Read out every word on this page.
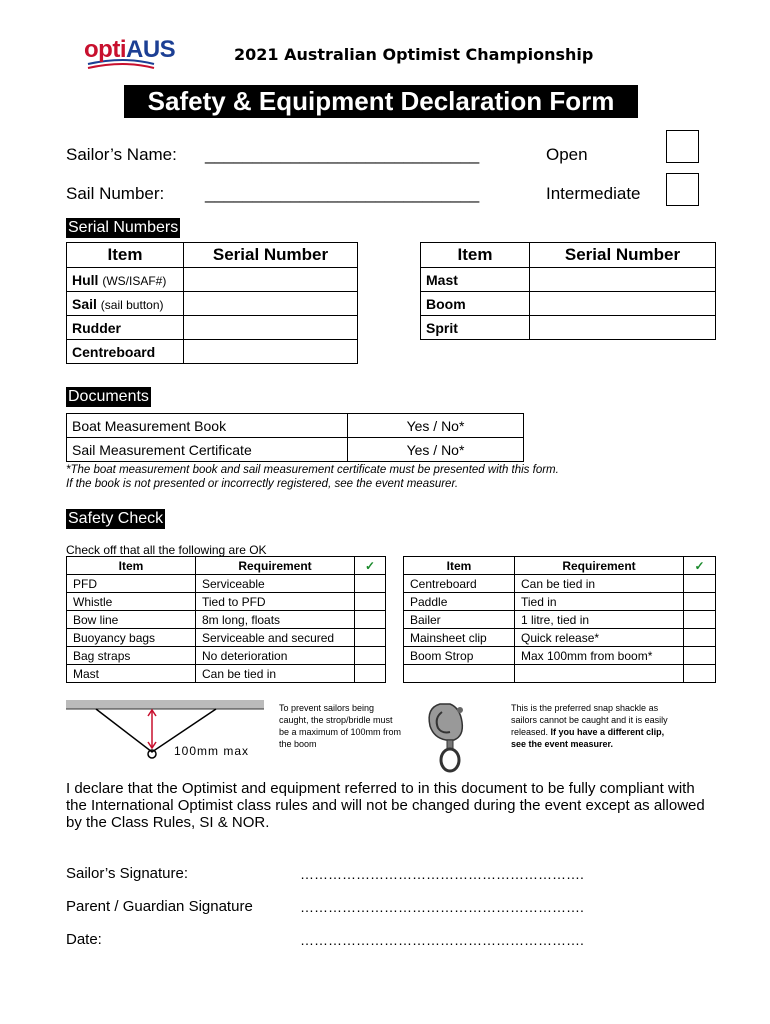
optiAUS	2021 Australian Optimist Championship
Safety & Equipment Declaration Form
Sailor’s Name: _____________________________
Sail Number: _____________________________
Open
Intermediate
Serial Numbers
Item	Serial Number
Hull (WS/ISAF#)	
Sail (sail button)	
Rudder	
Centreboard	
Item	Serial Number
Mast	
Boom	
Sprit	
Documents
Boat Measurement Book	Yes / No*
Sail Measurement Certificate	Yes / No*
*The boat measurement book and sail measurement certificate must be presented with this form.
If the book is not presented or incorrectly registered, see the event measurer.
Safety Check
Check off that all the following are OK
Item	Requirement	✓
PFD	Serviceable	
Whistle	Tied to PFD	
Bow line	8m long, floats	
Buoyancy bags	Serviceable and secured	
Bag straps	No deterioration	
Mast	Can be tied in	
Item	Requirement	✓
Centreboard	Can be tied in	
Paddle	Tied in	
Bailer	1 litre, tied in	
Mainsheet clip	Quick release*	
Boom Strop	Max 100mm from boom*	

100mm max
To prevent sailors being
caught, the strop/bridle must
be a maximum of 100mm from
the boom
This is the preferred snap shackle as
sailors cannot be caught and it is easily
released. If you have a different clip,
see the event measurer.
I declare that the Optimist and equipment referred to in this document to be fully compliant with the International Optimist class rules and will not be changed during the event except as allowed by the Class Rules, SI & NOR.
Sailor’s Signature:	…………………………………………………….
Parent / Guardian Signature	…………………………………………………….
Date:	…………………………………………………….
